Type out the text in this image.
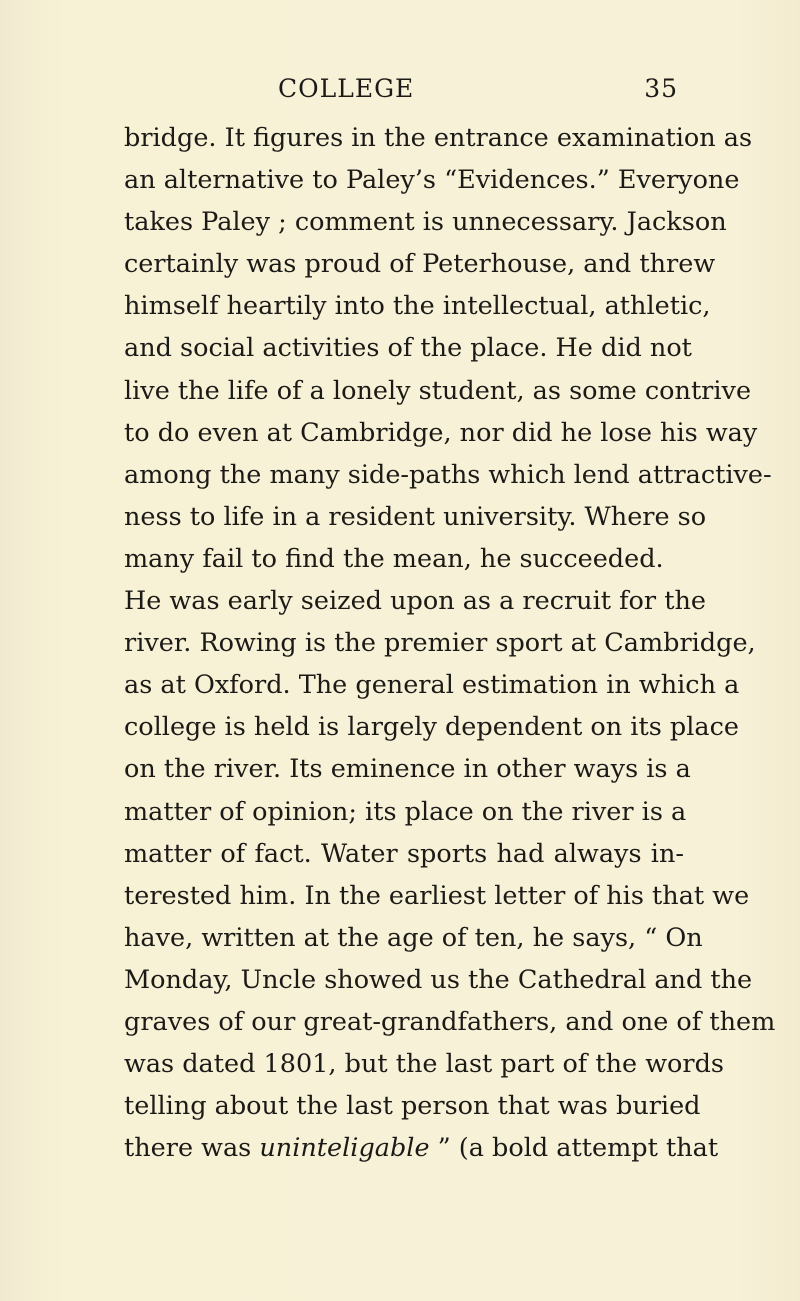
COLLEGE	35
bridge. It figures in the entrance examination as
an alternative to Paley’s “Evidences.” Everyone
takes Paley ; comment is unnecessary. Jackson
certainly was proud of Peterhouse, and threw
himself heartily into the intellectual, athletic,
and social activities of the place. He did not
live the life of a lonely student, as some contrive
to do even at Cambridge, nor did he lose his way
among the many side-paths which lend attractive-
ness to life in a resident university. Where so
many fail to find the mean, he succeeded.
He was early seized upon as a recruit for the
river. Rowing is the premier sport at Cambridge,
as at Oxford. The general estimation in which a
college is held is largely dependent on its place
on the river. Its eminence in other ways is a
matter of opinion; its place on the river is a
matter of fact. Water sports had always in-
terested him. In the earliest letter of his that we
have, written at the age of ten, he says, “ On
Monday, Uncle showed us the Cathedral and the
graves of our great-grandfathers, and one of them
was dated 1801, but the last part of the words
telling about the last person that was buried
there was uninteligable ” (a bold attempt that
